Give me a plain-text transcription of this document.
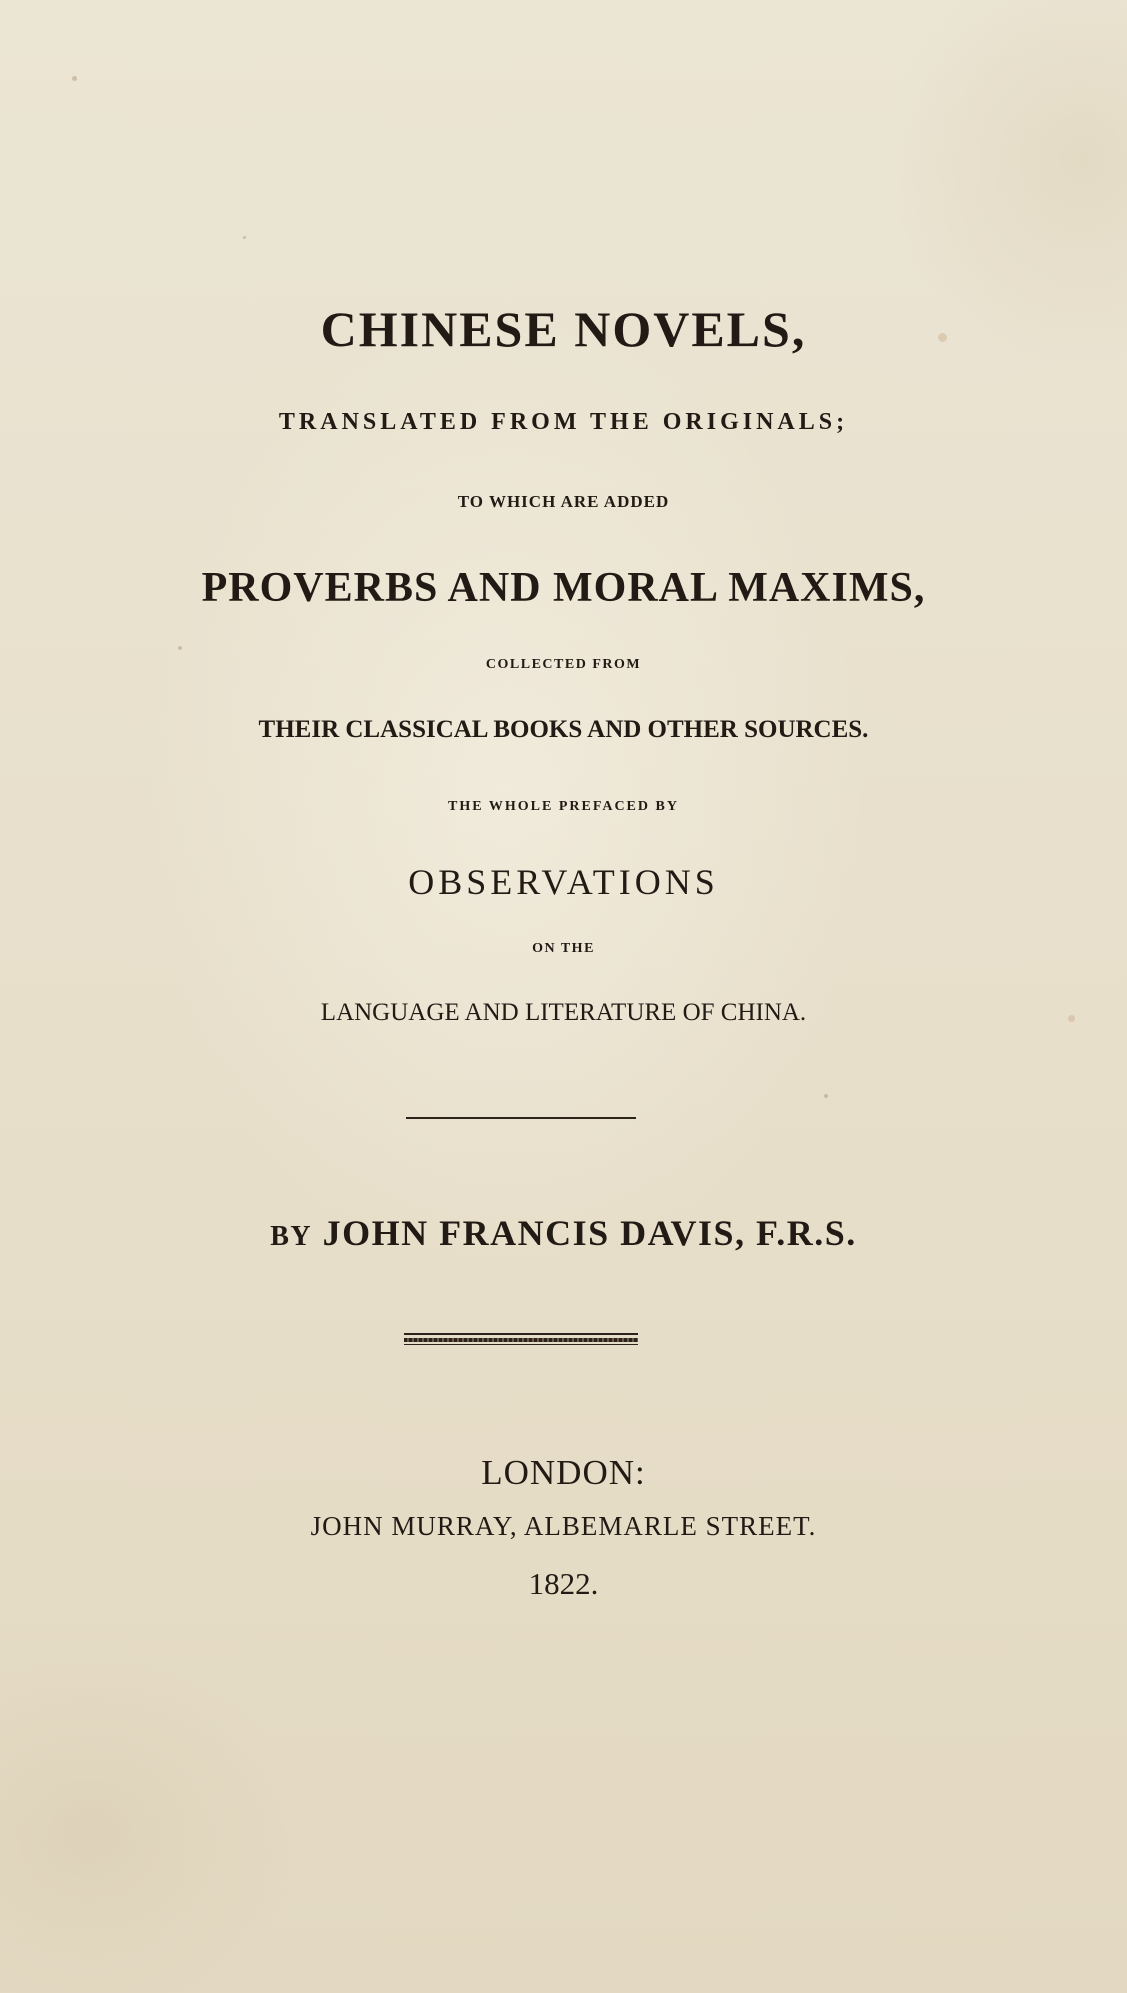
CHINESE NOVELS,

TRANSLATED FROM THE ORIGINALS;

TO WHICH ARE ADDED

PROVERBS AND MORAL MAXIMS,

COLLECTED FROM

THEIR CLASSICAL BOOKS AND OTHER SOURCES.

THE WHOLE PREFACED BY

OBSERVATIONS

ON THE

LANGUAGE AND LITERATURE OF CHINA.

BY JOHN FRANCIS DAVIS, F.R.S.

LONDON:

JOHN MURRAY, ALBEMARLE STREET.

1822.
